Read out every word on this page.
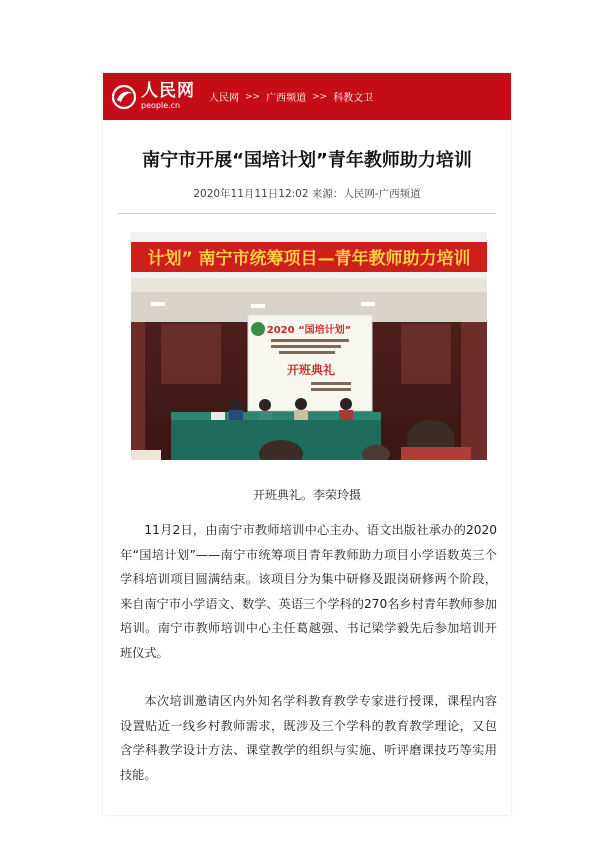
人民网
people.cn
人民网 >> 广西频道 >> 科教文卫
南宁市开展“国培计划”青年教师助力培训
2020年11月11日12:02 来源：人民网-广西频道
计划” 南宁市统筹项目—青年教师助力培训
2020 “国培计划”
开班典礼
开班典礼。李荣玲摄

11月2日，由南宁市教师培训中心主办、语文出版社承办的2020年“国培计划”——南宁市统筹项目青年教师助力项目小学语数英三个学科培训项目圆满结束。该项目分为集中研修及跟岗研修两个阶段，来自南宁市小学语文、数学、英语三个学科的270名乡村青年教师参加培训。南宁市教师培训中心主任葛越强、书记梁学毅先后参加培训开班仪式。

本次培训邀请区内外知名学科教育教学专家进行授课，课程内容设置贴近一线乡村教师需求，既涉及三个学科的教育教学理论，又包含学科教学设计方法、课堂教学的组织与实施、听评磨课技巧等实用技能。
